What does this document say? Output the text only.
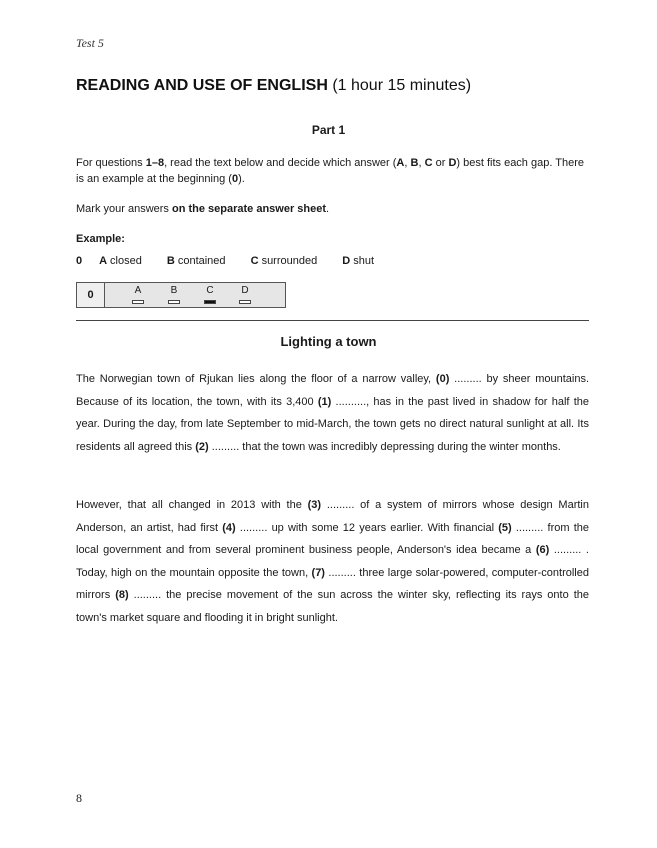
Test 5
READING AND USE OF ENGLISH (1 hour 15 minutes)
Part 1
For questions 1–8, read the text below and decide which answer (A, B, C or D) best fits each gap. There is an example at the beginning (0).
Mark your answers on the separate answer sheet.
Example:
0 A closed B contained C surrounded D shut
0	A	B	C	D
Lighting a town

The Norwegian town of Rjukan lies along the floor of a narrow valley, (0) ......... by sheer mountains. Because of its location, the town, with its 3,400 (1) .........., has in the past lived in shadow for half the year. During the day, from late September to mid-March, the town gets no direct natural sunlight at all. Its residents all agreed this (2) ......... that the town was incredibly depressing during the winter months.

However, that all changed in 2013 with the (3) ......... of a system of mirrors whose design Martin Anderson, an artist, had first (4) ......... up with some 12 years earlier. With financial (5) ......... from the local government and from several prominent business people, Anderson's idea became a (6) ......... . Today, high on the mountain opposite the town, (7) ......... three large solar-powered, computer-controlled mirrors (8) ......... the precise movement of the sun across the winter sky, reflecting its rays onto the town's market square and flooding it in bright sunlight.

8
